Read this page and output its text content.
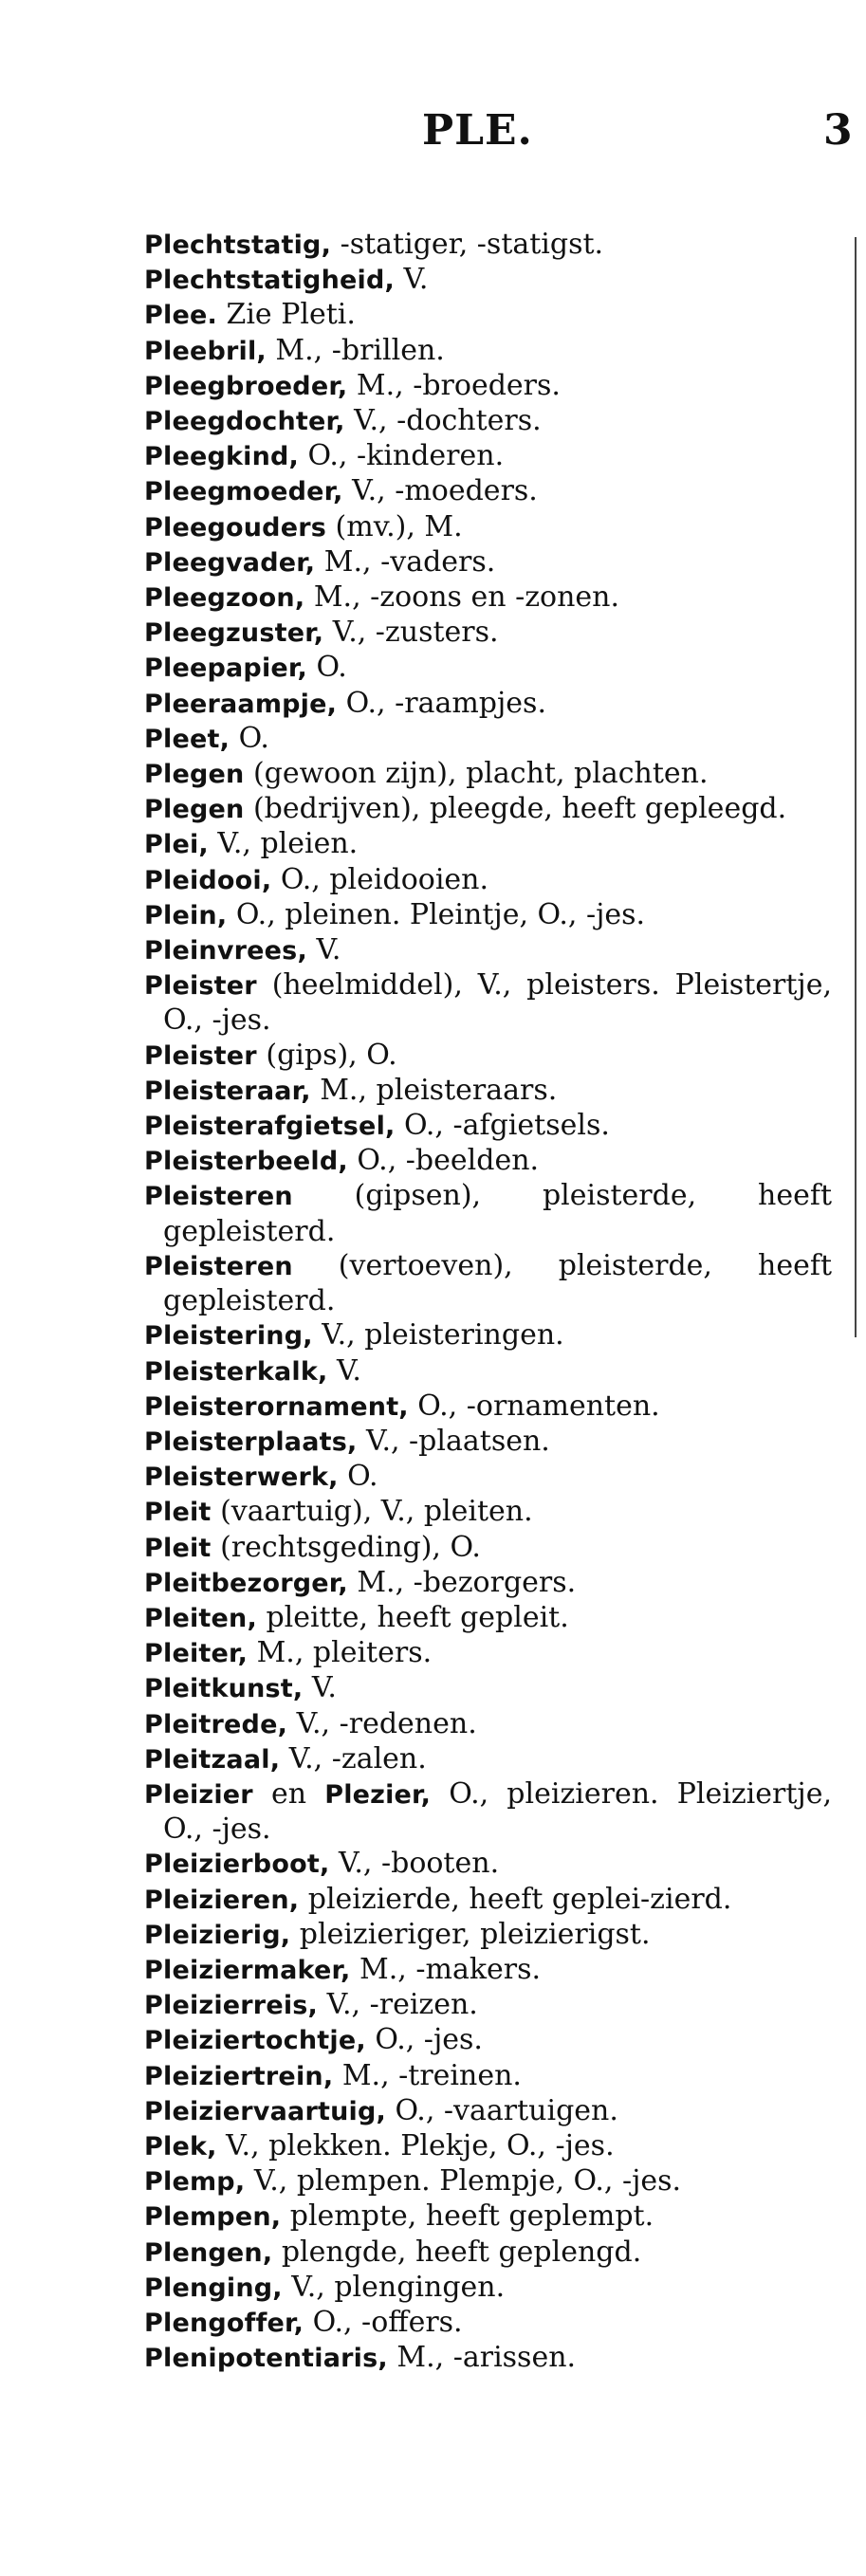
PLE.	3
Plechtstatig, -statiger, -statigst.
Plechtstatigheid, V.
Plee. Zie Pleti.
Pleebril, M., -brillen.
Pleegbroeder, M., -broeders.
Pleegdochter, V., -dochters.
Pleegkind, O., -kinderen.
Pleegmoeder, V., -moeders.
Pleegouders (mv.), M.
Pleegvader, M., -vaders.
Pleegzoon, M., -zoons en -zonen.
Pleegzuster, V., -zusters.
Pleepapier, O.
Pleeraampje, O., -raampjes.
Pleet, O.
Plegen (gewoon zijn), placht, plachten.
Plegen (bedrijven), pleegde, heeft gepleegd.
Plei, V., pleien.
Pleidooi, O., pleidooien.
Plein, O., pleinen. Pleintje, O., -jes.
Pleinvrees, V.
Pleister (heelmiddel), V., pleisters. Pleistertje, O., -jes.
Pleister (gips), O.
Pleisteraar, M., pleisteraars.
Pleisterafgietsel, O., -afgietsels.
Pleisterbeeld, O., -beelden.
Pleisteren (gipsen), pleisterde, heeft gepleisterd.
Pleisteren (vertoeven), pleisterde, heeft gepleisterd.
Pleistering, V., pleisteringen.
Pleisterkalk, V.
Pleisterornament, O., -ornamenten.
Pleisterplaats, V., -plaatsen.
Pleisterwerk, O.
Pleit (vaartuig), V., pleiten.
Pleit (rechtsgeding), O.
Pleitbezorger, M., -bezorgers.
Pleiten, pleitte, heeft gepleit.
Pleiter, M., pleiters.
Pleitkunst, V.
Pleitrede, V., -redenen.
Pleitzaal, V., -zalen.
Pleizier en Plezier, O., pleizieren. Pleiziertje, O., -jes.
Pleizierboot, V., -booten.
Pleizieren, pleizierde, heeft geplei-zierd.
Pleizierig, pleizieriger, pleizierigst.
Pleiziermaker, M., -makers.
Pleizierreis, V., -reizen.
Pleiziertochtje, O., -jes.
Pleiziertrein, M., -treinen.
Pleiziervaartuig, O., -vaartuigen.
Plek, V., plekken. Plekje, O., -jes.
Plemp, V., plempen. Plempje, O., -jes.
Plempen, plempte, heeft geplempt.
Plengen, plengde, heeft geplengd.
Plenging, V., plengingen.
Plengoffer, O., -offers.
Plenipotentiaris, M., -arissen.
